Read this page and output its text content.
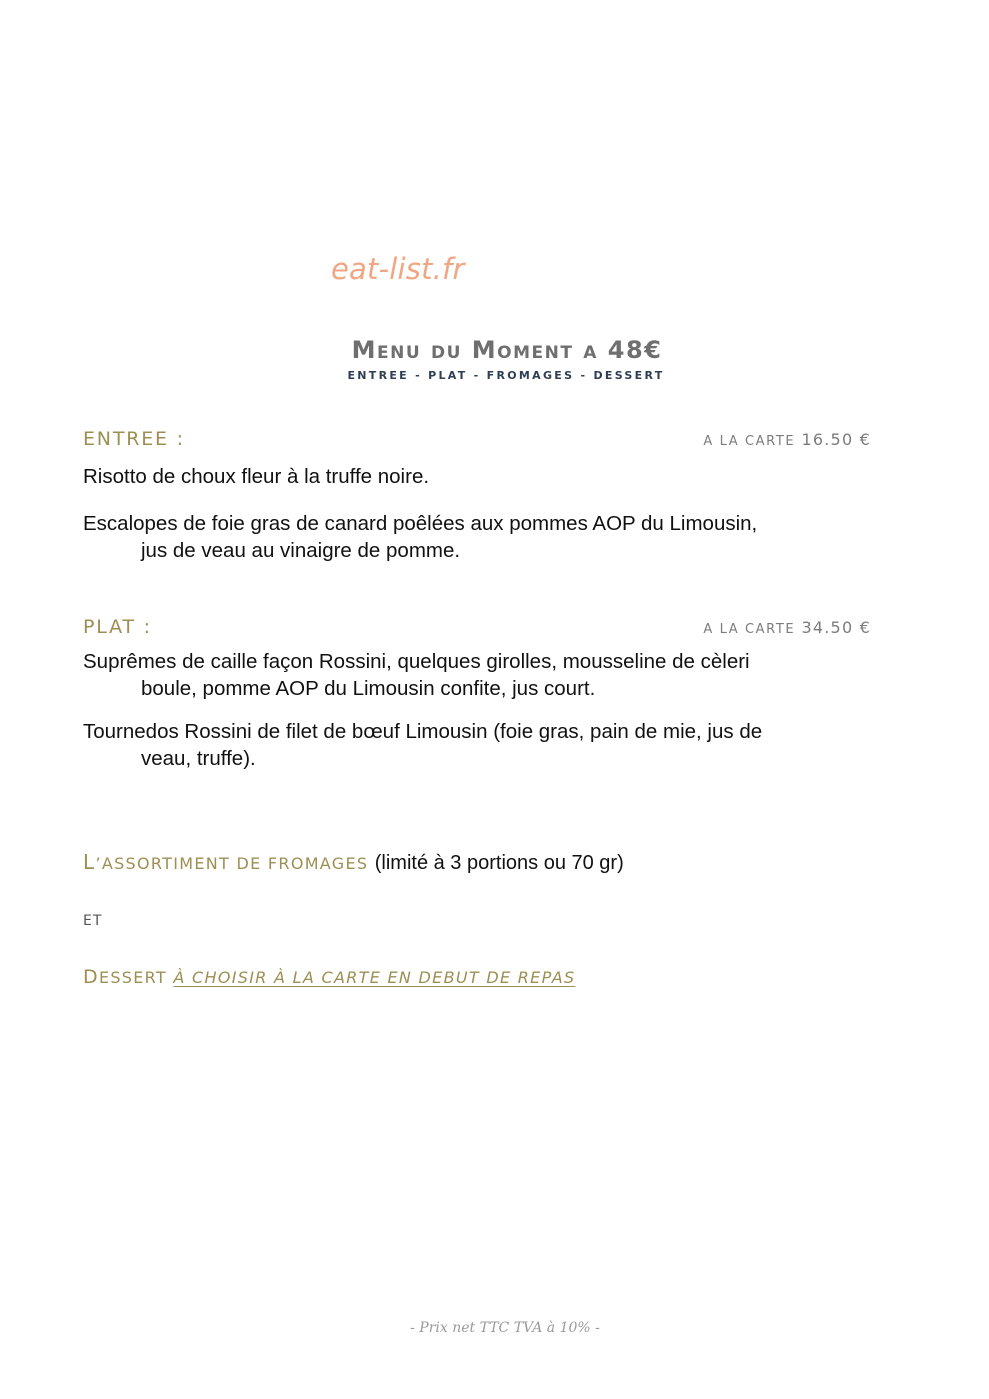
eat-list.fr
Menu du Moment a 48€
ENTREE - PLAT - FROMAGES - DESSERT
ENTREE :	A LA CARTE 16.50 €
Risotto de choux fleur à la truffe noire.
Escalopes de foie gras de canard poêlées aux pommes AOP du Limousin,
jus de veau au vinaigre de pomme.
PLAT :	A LA CARTE 34.50 €
Suprêmes de caille façon Rossini, quelques girolles, mousseline de cèleri
boule, pomme AOP du Limousin confite, jus court.
Tournedos Rossini de filet de bœuf Limousin (foie gras, pain de mie, jus de
veau, truffe).
L’ASSORTIMENT DE FROMAGES (limité à 3 portions ou 70 gr)
ET
DESSERT À CHOISIR À LA CARTE EN DEBUT DE REPAS
- Prix net TTC TVA à 10% -
